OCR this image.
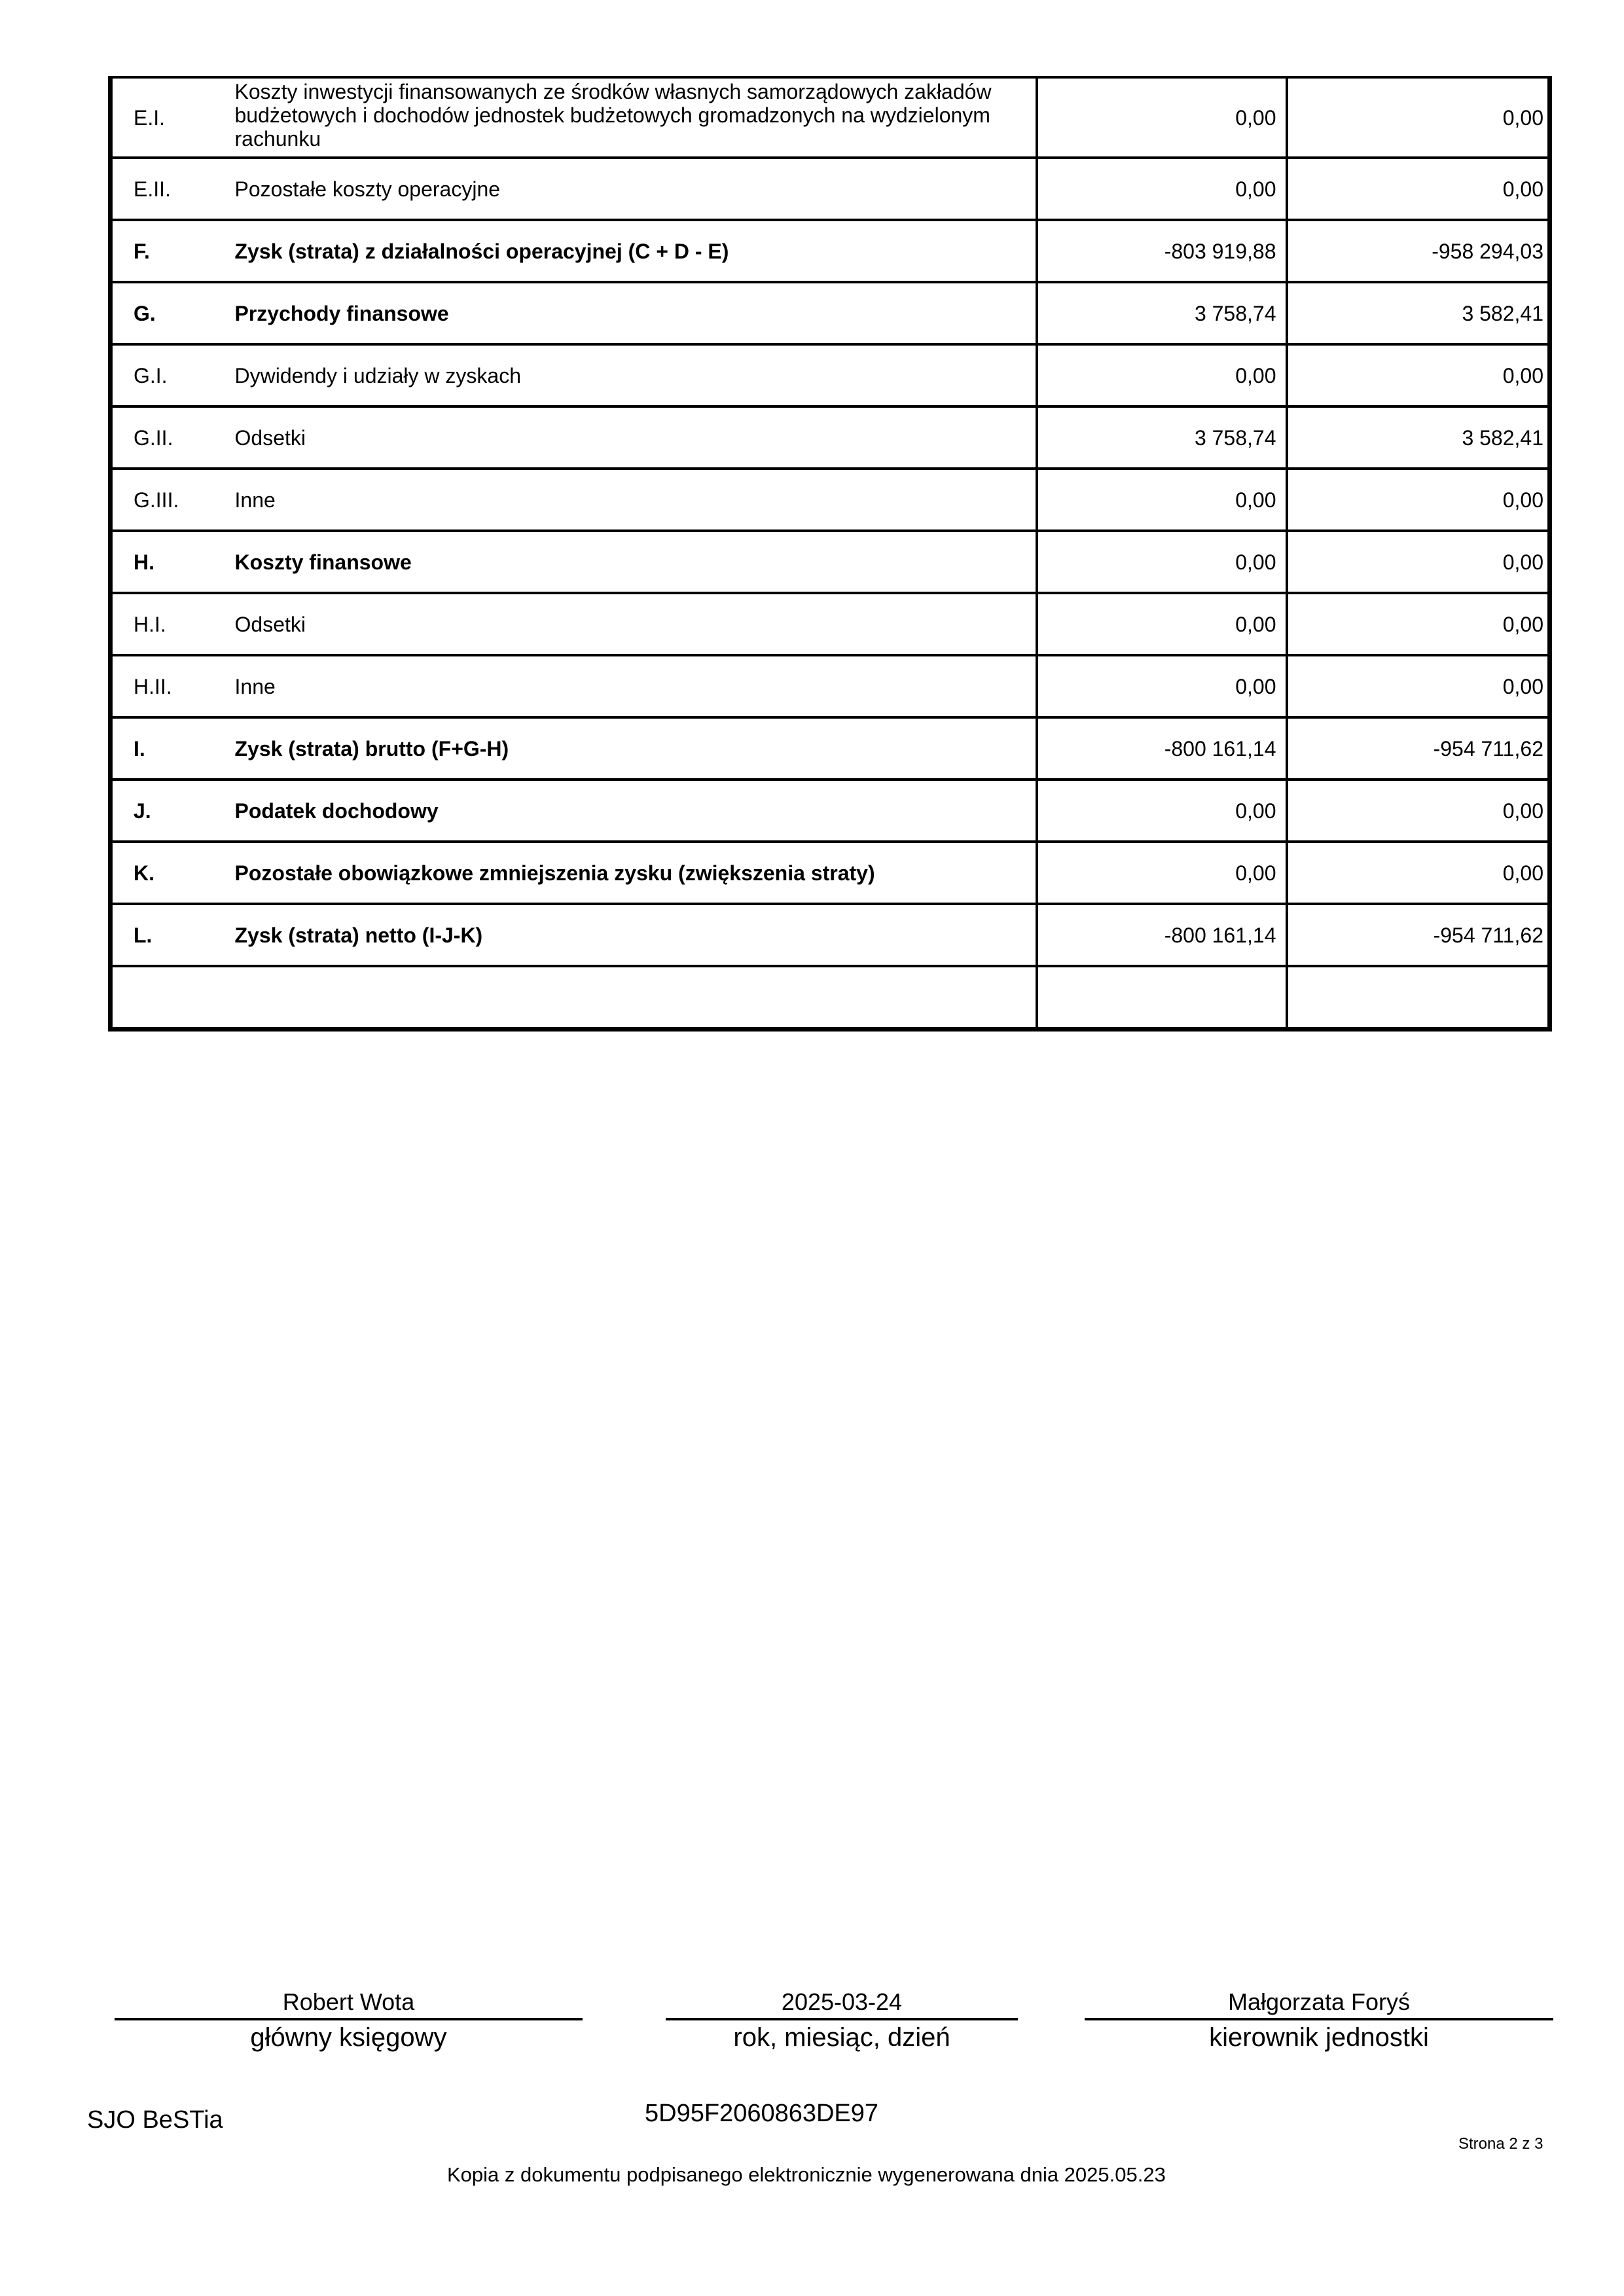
E.I.	Koszty inwestycji finansowanych ze środków własnych samorządowych zakładów budżetowych i dochodów jednostek budżetowych gromadzonych na wydzielonym rachunku	0,00	0,00
E.II.	Pozostałe koszty operacyjne	0,00	0,00
F.	Zysk (strata) z działalności operacyjnej (C + D - E)	-803 919,88	-958 294,03
G.	Przychody finansowe	3 758,74	3 582,41
G.I.	Dywidendy i udziały w zyskach	0,00	0,00
G.II.	Odsetki	3 758,74	3 582,41
G.III.	Inne	0,00	0,00
H.	Koszty finansowe	0,00	0,00
H.I.	Odsetki	0,00	0,00
H.II.	Inne	0,00	0,00
I.	Zysk (strata) brutto (F+G-H)	-800 161,14	-954 711,62
J.	Podatek dochodowy	0,00	0,00
K.	Pozostałe obowiązkowe zmniejszenia zysku (zwiększenia straty)	0,00	0,00
L.	Zysk (strata) netto (I-J-K)	-800 161,14	-954 711,62

Robert Wota
główny księgowy
2025-03-24
rok, miesiąc, dzień
Małgorzata Foryś
kierownik jednostki
SJO BeSTia	5D95F2060863DE97
Strona 2 z 3
Kopia z dokumentu podpisanego elektronicznie wygenerowana dnia 2025.05.23
